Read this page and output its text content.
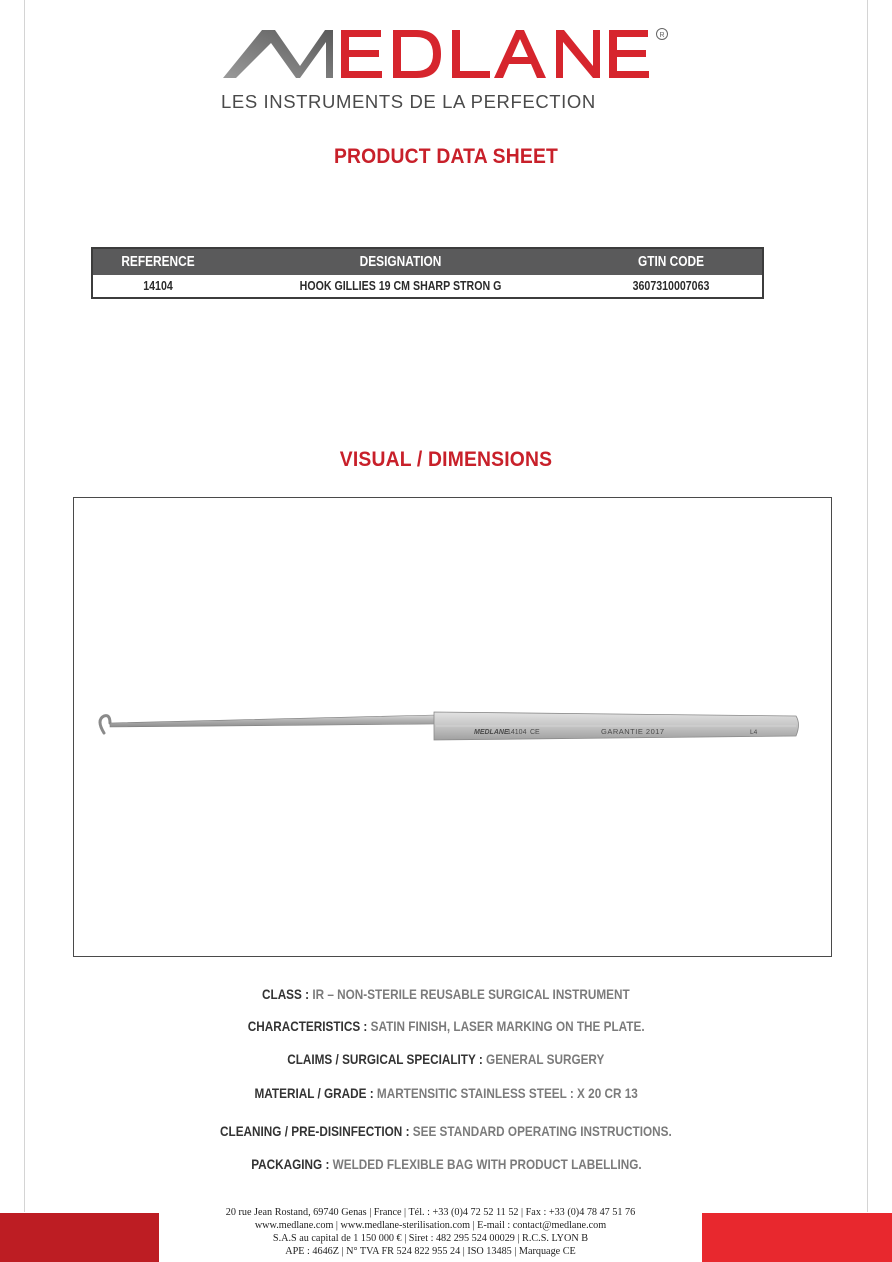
R
LES INSTRUMENTS DE LA PERFECTION
PRODUCT DATA SHEET
REFERENCE	DESIGNATION	GTIN CODE
14104	HOOK GILLIES 19 CM SHARP STRON G	3607310007063
VISUAL / DIMENSIONS
MEDLANE
14104 CE	GARANTIE 2017	L4
CLASS : IR – NON-STERILE REUSABLE SURGICAL INSTRUMENT
CHARACTERISTICS : SATIN FINISH, LASER MARKING ON THE PLATE.
CLAIMS / SURGICAL SPECIALITY : GENERAL SURGERY
MATERIAL / GRADE : MARTENSITIC STAINLESS STEEL : X 20 CR 13
CLEANING / PRE-DISINFECTION : SEE STANDARD OPERATING INSTRUCTIONS.
PACKAGING : WELDED FLEXIBLE BAG WITH PRODUCT LABELLING.
20 rue Jean Rostand, 69740 Genas | France | Tél. : +33 (0)4 72 52 11 52 | Fax : +33 (0)4 78 47 51 76
www.medlane.com | www.medlane-sterilisation.com | E-mail : contact@medlane.com
S.A.S au capital de 1 150 000 € | Siret : 482 295 524 00029 | R.C.S. LYON B
APE : 4646Z | N° TVA FR 524 822 955 24 | ISO 13485 | Marquage CE
